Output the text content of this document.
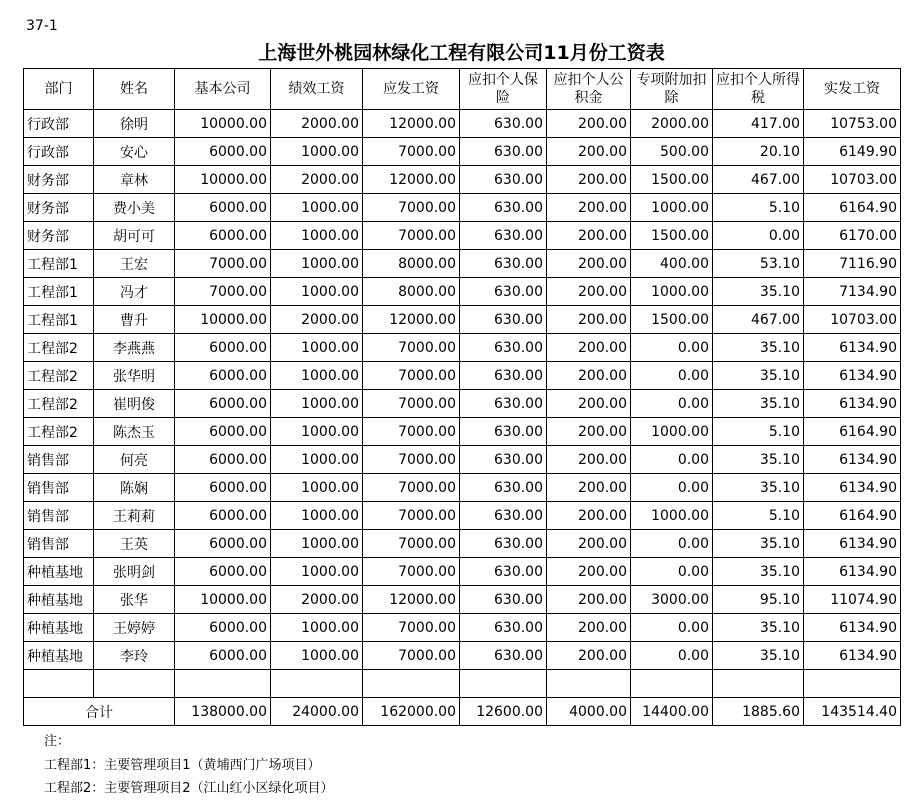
37-1
上海世外桃园林绿化工程有限公司11月份工资表
部门	姓名	基本公司	绩效工资	应发工资	应扣个人保险	应扣个人公积金	专项附加扣除	应扣个人所得税	实发工资
行政部	徐明	10000.00	2000.00	12000.00	630.00	200.00	2000.00	417.00	10753.00
行政部	安心	6000.00	1000.00	7000.00	630.00	200.00	500.00	20.10	6149.90
财务部	章林	10000.00	2000.00	12000.00	630.00	200.00	1500.00	467.00	10703.00
财务部	费小美	6000.00	1000.00	7000.00	630.00	200.00	1000.00	5.10	6164.90
财务部	胡可可	6000.00	1000.00	7000.00	630.00	200.00	1500.00	0.00	6170.00
工程部1	王宏	7000.00	1000.00	8000.00	630.00	200.00	400.00	53.10	7116.90
工程部1	冯才	7000.00	1000.00	8000.00	630.00	200.00	1000.00	35.10	7134.90
工程部1	曹升	10000.00	2000.00	12000.00	630.00	200.00	1500.00	467.00	10703.00
工程部2	李燕燕	6000.00	1000.00	7000.00	630.00	200.00	0.00	35.10	6134.90
工程部2	张华明	6000.00	1000.00	7000.00	630.00	200.00	0.00	35.10	6134.90
工程部2	崔明俊	6000.00	1000.00	7000.00	630.00	200.00	0.00	35.10	6134.90
工程部2	陈杰玉	6000.00	1000.00	7000.00	630.00	200.00	1000.00	5.10	6164.90
销售部	何亮	6000.00	1000.00	7000.00	630.00	200.00	0.00	35.10	6134.90
销售部	陈娴	6000.00	1000.00	7000.00	630.00	200.00	0.00	35.10	6134.90
销售部	王莉莉	6000.00	1000.00	7000.00	630.00	200.00	1000.00	5.10	6164.90
销售部	王英	6000.00	1000.00	7000.00	630.00	200.00	0.00	35.10	6134.90
种植基地	张明剑	6000.00	1000.00	7000.00	630.00	200.00	0.00	35.10	6134.90
种植基地	张华	10000.00	2000.00	12000.00	630.00	200.00	3000.00	95.10	11074.90
种植基地	王婷婷	6000.00	1000.00	7000.00	630.00	200.00	0.00	35.10	6134.90
种植基地	李玲	6000.00	1000.00	7000.00	630.00	200.00	0.00	35.10	6134.90

合计		138000.00	24000.00	162000.00	12600.00	4000.00	14400.00	1885.60	143514.40
注：
工程部1：主要管理项目1（黄埔西门广场项目）
工程部2：主要管理项目2（江山红小区绿化项目）
